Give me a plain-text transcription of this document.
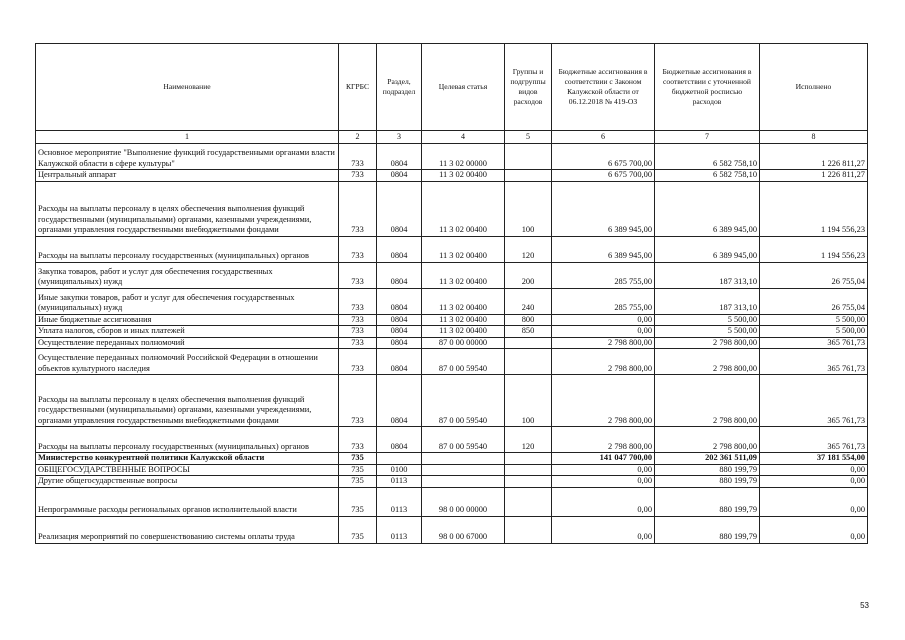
Наименование	КГРБС	Раздел, подраздел	Целевая статья	Группы и подгруппы видов расходов	Бюджетные ассигнования в соответствии с Законом Калужской области от 06.12.2018 № 419-ОЗ	Бюджетные ассигнования в соответствии с уточненной бюджетной росписью расходов	Исполнено
1	2	3	4	5	6	7	8
Основное мероприятие "Выполнение функций государственными органами власти Калужской области в сфере культуры"	733	0804	11 3 02 00000		6 675 700,00	6 582 758,10	1 226 811,27
Центральный аппарат	733	0804	11 3 02 00400		6 675 700,00	6 582 758,10	1 226 811,27
Расходы на выплаты персоналу в целях обеспечения выполнения функций государственными (муниципальными) органами, казенными учреждениями, органами управления государственными внебюджетными фондами	733	0804	11 3 02 00400	100	6 389 945,00	6 389 945,00	1 194 556,23
Расходы на выплаты персоналу государственных (муниципальных) органов	733	0804	11 3 02 00400	120	6 389 945,00	6 389 945,00	1 194 556,23
Закупка товаров, работ и услуг для обеспечения государственных (муниципальных) нужд	733	0804	11 3 02 00400	200	285 755,00	187 313,10	26 755,04
Иные закупки товаров, работ и услуг для обеспечения государственных (муниципальных) нужд	733	0804	11 3 02 00400	240	285 755,00	187 313,10	26 755,04
Иные бюджетные ассигнования	733	0804	11 3 02 00400	800	0,00	5 500,00	5 500,00
Уплата налогов, сборов и иных платежей	733	0804	11 3 02 00400	850	0,00	5 500,00	5 500,00
Осуществление переданных полномочий	733	0804	87 0 00 00000		2 798 800,00	2 798 800,00	365 761,73
Осуществление переданных полномочий Российской Федерации в отношении объектов культурного наследия	733	0804	87 0 00 59540		2 798 800,00	2 798 800,00	365 761,73
Расходы на выплаты персоналу в целях обеспечения выполнения функций государственными (муниципальными) органами, казенными учреждениями, органами управления государственными внебюджетными фондами	733	0804	87 0 00 59540	100	2 798 800,00	2 798 800,00	365 761,73
Расходы на выплаты персоналу государственных (муниципальных) органов	733	0804	87 0 00 59540	120	2 798 800,00	2 798 800,00	365 761,73
Министерство конкурентной политики Калужской области	735				141 047 700,00	202 361 511,09	37 181 554,00
ОБЩЕГОСУДАРСТВЕННЫЕ ВОПРОСЫ	735	0100			0,00	880 199,79	0,00
Другие общегосударственные вопросы	735	0113			0,00	880 199,79	0,00
Непрограммные расходы региональных органов исполнительной власти	735	0113	98 0 00 00000		0,00	880 199,79	0,00
Реализация мероприятий по совершенствованию системы оплаты труда	735	0113	98 0 00 67000		0,00	880 199,79	0,00
53
